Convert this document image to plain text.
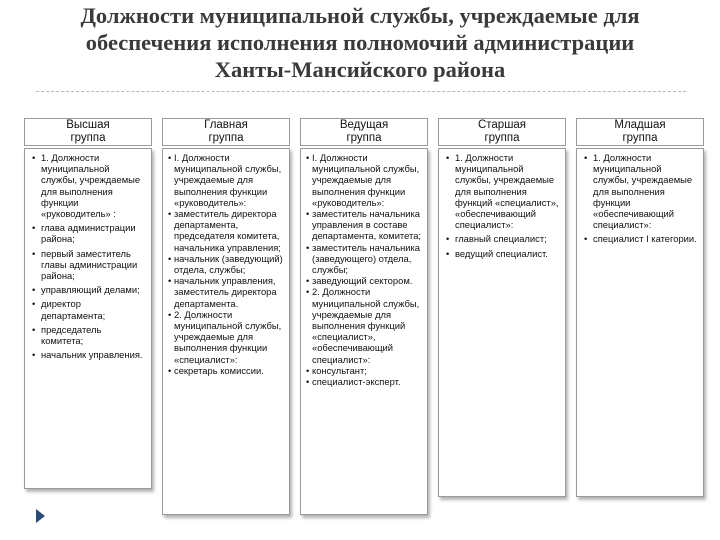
Должности муниципальной службы, учреждаемые для
обеспечения исполнения полномочий администрации
Ханты-Мансийского района
Высшая
группа
• 1. Должности муниципальной службы, учреждаемые для выполнения функции «руководитель» :
• глава администрации района;
• первый заместитель главы администрации района;
• управляющий делами;
• директор департамента;
• председатель комитета;
• начальник управления.
Главная
группа
• I. Должности муниципальной службы, учреждаемые для выполнения функции «руководитель»:
• заместитель директора департамента, председателя комитета, начальника управления;
• начальник (заведующий) отдела, службы;
• начальник управления, заместитель директора департамента.
• 2. Должности муниципальной службы, учреждаемые для выполнения функции «специалист»:
• секретарь комиссии.
Ведущая
группа
• I. Должности муниципальной службы, учреждаемые для выполнения функции «руководитель»:
• заместитель начальника управления в составе департамента, комитета;
• заместитель начальника (заведующего) отдела, службы;
• заведующий сектором.
• 2. Должности муниципальной службы, учреждаемые для выполнения функций «специалист», «обеспечивающий специалист»:
• консультант;
• специалист-эксперт.
Старшая
группа
• 1. Должности муниципальной службы, учреждаемые для выполнения функций «специалист», «обеспечивающий специалист»:
• главный специалист;
• ведущий специалист.
Младшая
группа
• 1. Должности муниципальной службы, учреждаемые для выполнения функции «обеспечивающий специалист»:
• специалист I категории.
